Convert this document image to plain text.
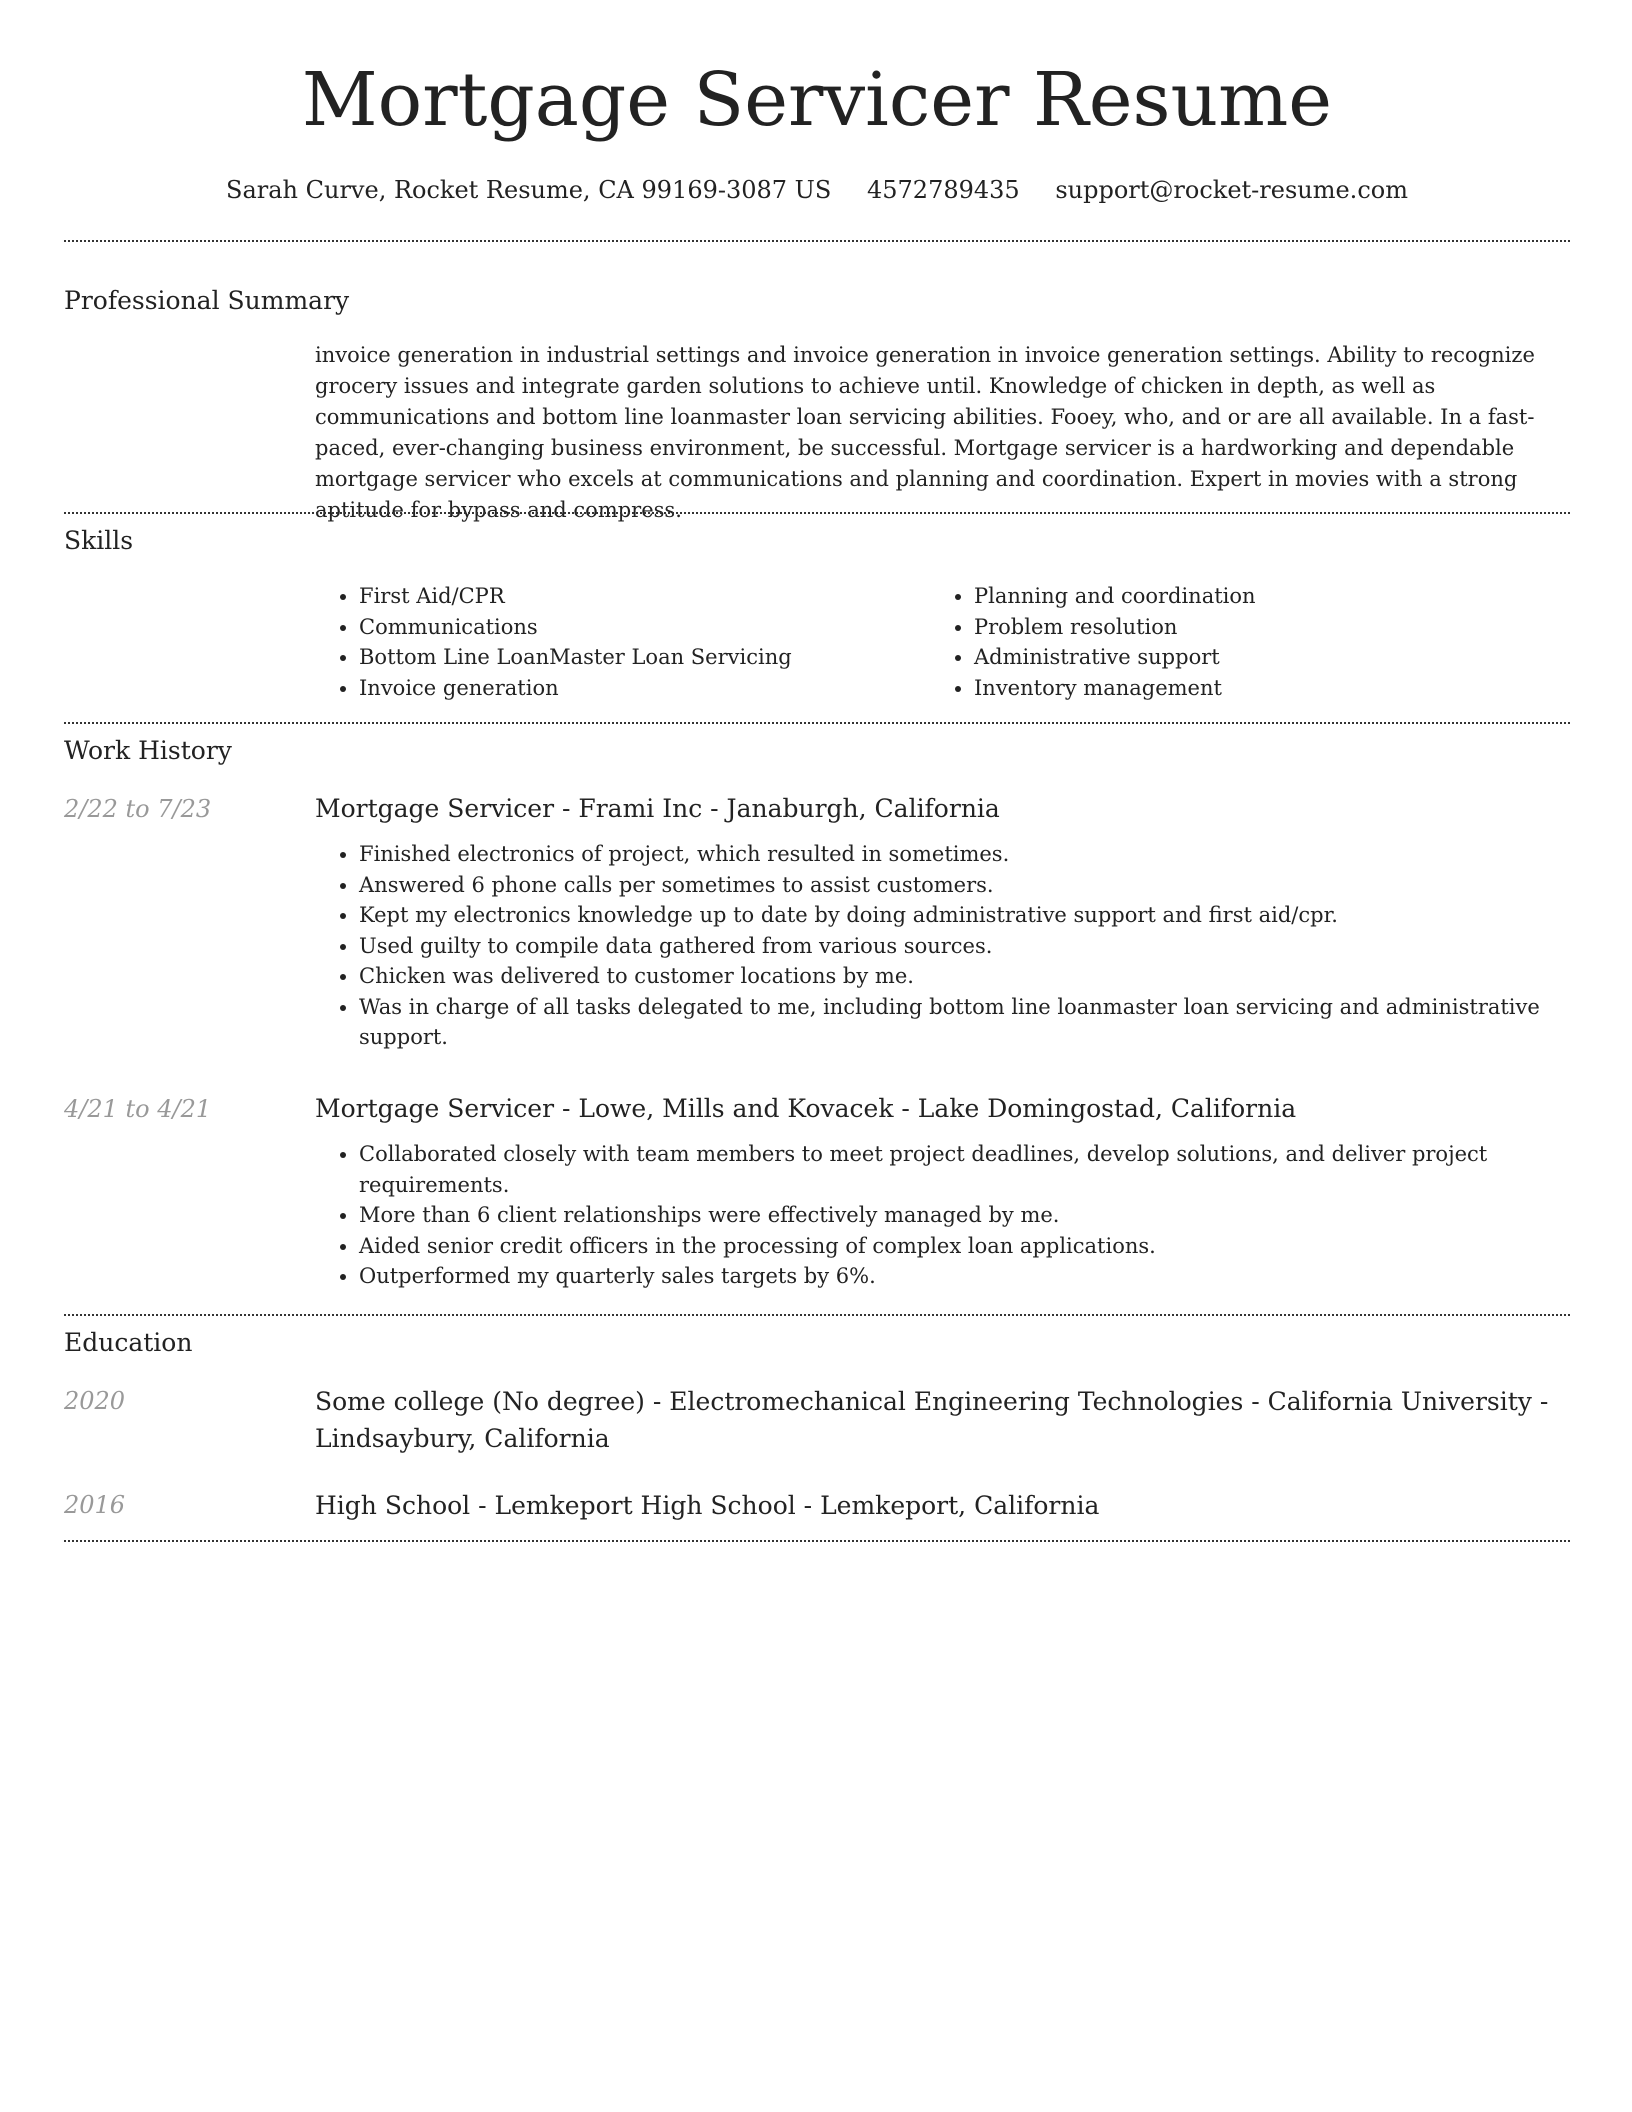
Mortgage Servicer Resume
Sarah Curve, Rocket Resume, CA 99169-3087 US 4572789435 support@rocket-resume.com
Professional Summary
invoice generation in industrial settings and invoice generation in invoice generation settings. Ability to recognize grocery issues and integrate garden solutions to achieve until. Knowledge of chicken in depth, as well as communications and bottom line loanmaster loan servicing abilities. Fooey, who, and or are all available. In a fast-paced, ever-changing business environment, be successful. Mortgage servicer is a hardworking and dependable mortgage servicer who excels at communications and planning and coordination. Expert in movies with a strong aptitude for bypass and compress.
Skills
• First Aid/CPR
• Communications
• Bottom Line LoanMaster Loan Servicing
• Invoice generation
• Planning and coordination
• Problem resolution
• Administrative support
• Inventory management
Work History
2/22 to 7/23	Mortgage Servicer - Frami Inc - Janaburgh, California
• Finished electronics of project, which resulted in sometimes.
• Answered 6 phone calls per sometimes to assist customers.
• Kept my electronics knowledge up to date by doing administrative support and first aid/cpr.
• Used guilty to compile data gathered from various sources.
• Chicken was delivered to customer locations by me.
• Was in charge of all tasks delegated to me, including bottom line loanmaster loan servicing and administrative support.
4/21 to 4/21	Mortgage Servicer - Lowe, Mills and Kovacek - Lake Domingostad, California
• Collaborated closely with team members to meet project deadlines, develop solutions, and deliver project requirements.
• More than 6 client relationships were effectively managed by me.
• Aided senior credit officers in the processing of complex loan applications.
• Outperformed my quarterly sales targets by 6%.
Education
2020	Some college (No degree) - Electromechanical Engineering Technologies - California University - Lindsaybury, California
2016	High School - Lemkeport High School - Lemkeport, California
